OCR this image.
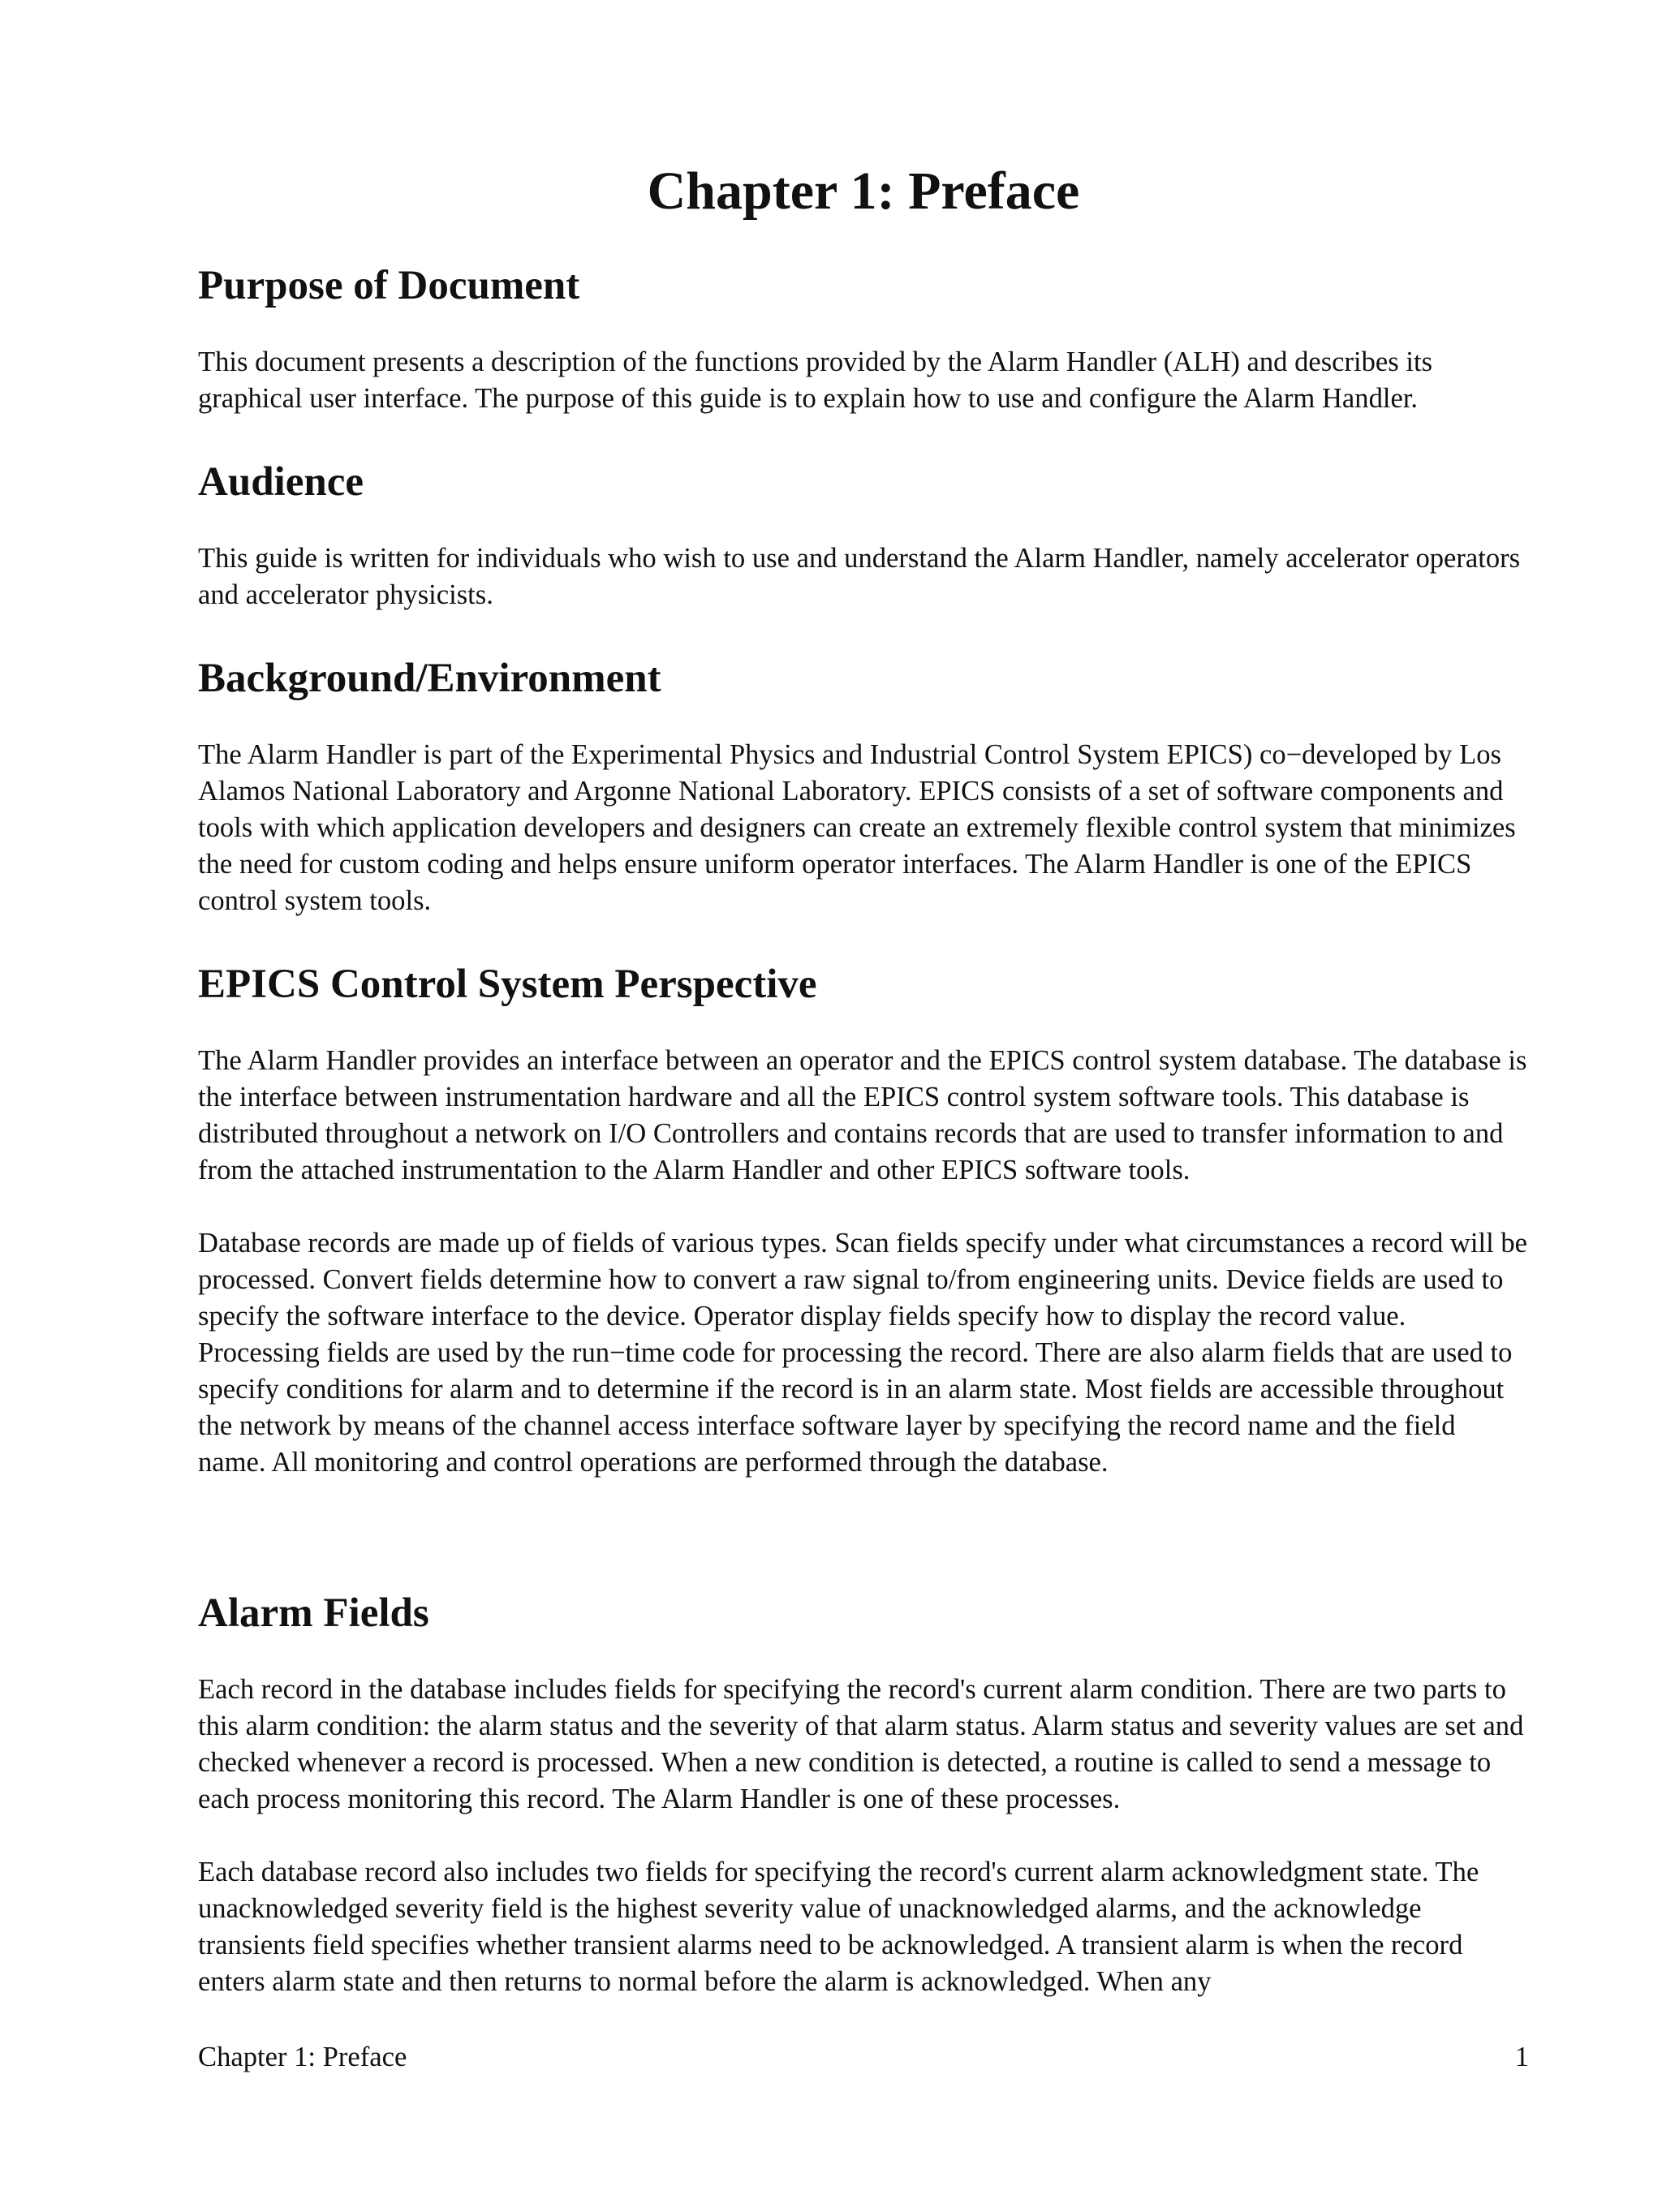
Chapter 1: Preface
Purpose of Document

This document presents a description of the functions provided by the Alarm Handler (ALH) and describes its graphical user interface. The purpose of this guide is to explain how to use and configure the Alarm Handler.

Audience

This guide is written for individuals who wish to use and understand the Alarm Handler, namely accelerator operators and accelerator physicists.

Background/Environment

The Alarm Handler is part of the Experimental Physics and Industrial Control System EPICS) co−developed by Los Alamos National Laboratory and Argonne National Laboratory. EPICS consists of a set of software components and tools with which application developers and designers can create an extremely flexible control system that minimizes the need for custom coding and helps ensure uniform operator interfaces. The Alarm Handler is one of the EPICS control system tools.

EPICS Control System Perspective

The Alarm Handler provides an interface between an operator and the EPICS control system database. The database is the interface between instrumentation hardware and all the EPICS control system software tools. This database is distributed throughout a network on I/O Controllers and contains records that are used to transfer information to and from the attached instrumentation to the Alarm Handler and other EPICS software tools.

Database records are made up of fields of various types. Scan fields specify under what circumstances a record will be processed. Convert fields determine how to convert a raw signal to/from engineering units. Device fields are used to specify the software interface to the device. Operator display fields specify how to display the record value. Processing fields are used by the run−time code for processing the record. There are also alarm fields that are used to specify conditions for alarm and to determine if the record is in an alarm state. Most fields are accessible throughout the network by means of the channel access interface software layer by specifying the record name and the field name. All monitoring and control operations are performed through the database.

Alarm Fields

Each record in the database includes fields for specifying the record's current alarm condition. There are two parts to this alarm condition: the alarm status and the severity of that alarm status. Alarm status and severity values are set and checked whenever a record is processed. When a new condition is detected, a routine is called to send a message to each process monitoring this record. The Alarm Handler is one of these processes.

Each database record also includes two fields for specifying the record's current alarm acknowledgment state. The unacknowledged severity field is the highest severity value of unacknowledged alarms, and the acknowledge transients field specifies whether transient alarms need to be acknowledged. A transient alarm is when the record enters alarm state and then returns to normal before the alarm is acknowledged. When any

Chapter 1: Preface	1
